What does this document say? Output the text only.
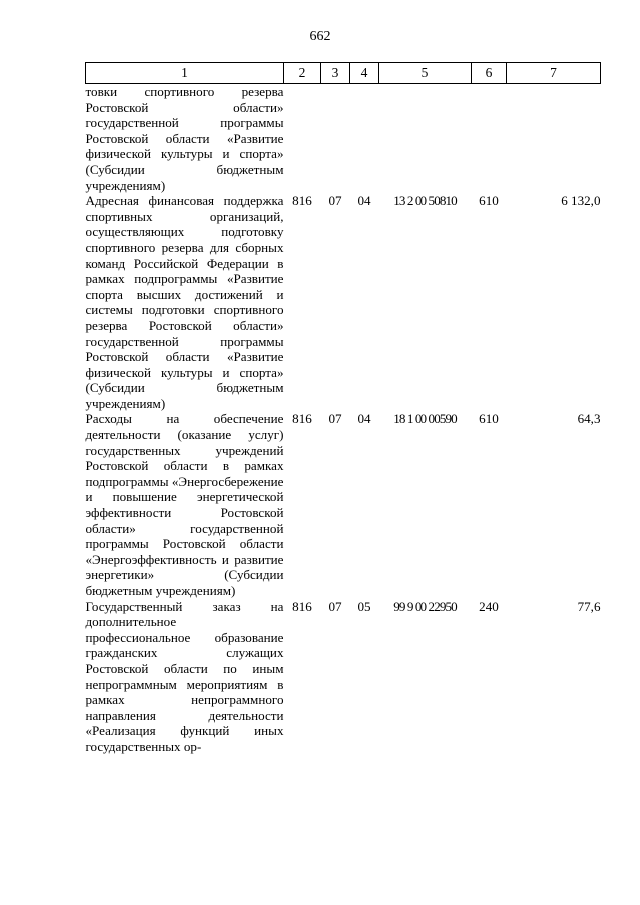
662
1	2	3	4	5	6	7
товки спортивного резерва Ростовской области» государственной программы Ростовской области «Развитие физической культуры и спорта» (Субсидии бюджетным учреждениям)						
Адресная финансовая поддержка спортивных организаций, осуществляющих подготовку спортивного резерва для сборных команд Российской Федерации в рамках подпрограммы «Развитие спорта высших достижений и системы подготовки спортивного резерва Ростовской области» государственной программы Ростовской области «Развитие физической культуры и спорта» (Субсидии бюджетным учреждениям)	816	07	04	13 2 00 50810	610	6 132,0
Расходы на обеспечение деятельности (оказание услуг) государственных учреждений Ростовской области в рамках подпрограммы «Энергосбережение и повышение энергетической эффективности Ростовской области» государственной программы Ростовской области «Энергоэффективность и развитие энергетики» (Субсидии бюджетным учреждениям)	816	07	04	18 1 00 00590	610	64,3
Государственный заказ на дополнительное профессиональное образование гражданских служащих Ростовской области по иным непрограммным мероприятиям в рамках непрограммного направления деятельности «Реализация функций иных государственных ор-	816	07	05	99 9 00 22950	240	77,6
